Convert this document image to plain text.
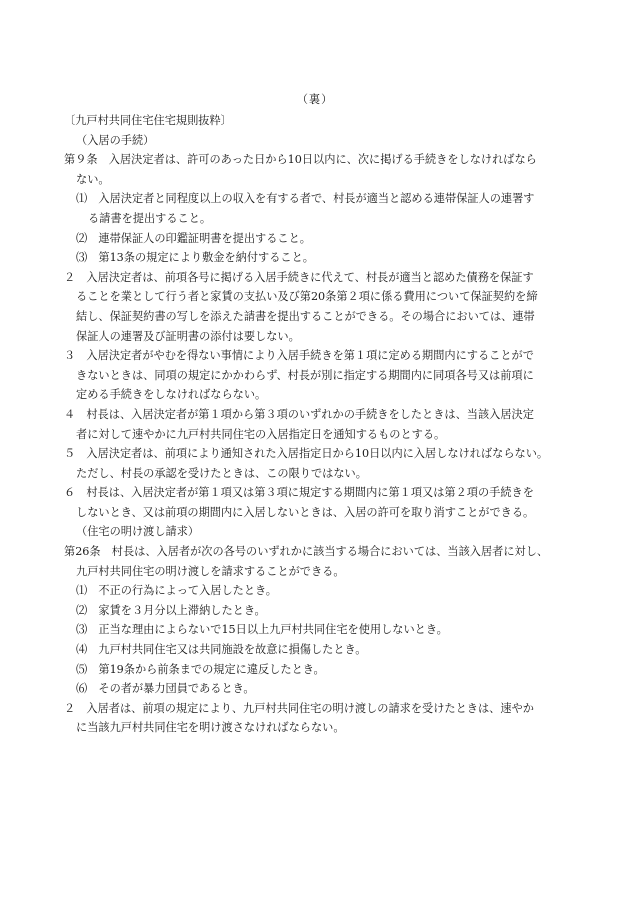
（裏）
〔九戸村共同住宅住宅規則抜粋〕
（入居の手続）
第９条　入居決定者は、許可のあった日から10日以内に、次に掲げる手続きをしなければなら
ない。
⑴　入居決定者と同程度以上の収入を有する者で、村長が適当と認める連帯保証人の連署す
る請書を提出すること。
⑵　連帯保証人の印鑑証明書を提出すること。
⑶　第13条の規定により敷金を納付すること。
２　入居決定者は、前項各号に掲げる入居手続きに代えて、村長が適当と認めた債務を保証す
ることを業として行う者と家賃の支払い及び第20条第２項に係る費用について保証契約を締
結し、保証契約書の写しを添えた請書を提出することができる。その場合においては、連帯
保証人の連署及び証明書の添付は要しない。
３　入居決定者がやむを得ない事情により入居手続きを第１項に定める期間内にすることがで
きないときは、同項の規定にかかわらず、村長が別に指定する期間内に同項各号又は前項に
定める手続きをしなければならない。
４　村長は、入居決定者が第１項から第３項のいずれかの手続きをしたときは、当該入居決定
者に対して速やかに九戸村共同住宅の入居指定日を通知するものとする。
５　入居決定者は、前項により通知された入居指定日から10日以内に入居しなければならない。
ただし、村長の承認を受けたときは、この限りではない。
６　村長は、入居決定者が第１項又は第３項に規定する期間内に第１項又は第２項の手続きを
しないとき、又は前項の期間内に入居しないときは、入居の許可を取り消すことができる。
（住宅の明け渡し請求）
第26条　村長は、入居者が次の各号のいずれかに該当する場合においては、当該入居者に対し、
九戸村共同住宅の明け渡しを請求することができる。
⑴　不正の行為によって入居したとき。
⑵　家賃を３月分以上滞納したとき。
⑶　正当な理由によらないで15日以上九戸村共同住宅を使用しないとき。
⑷　九戸村共同住宅又は共同施設を故意に損傷したとき。
⑸　第19条から前条までの規定に違反したとき。
⑹　その者が暴力団員であるとき。
２　入居者は、前項の規定により、九戸村共同住宅の明け渡しの請求を受けたときは、速やか
に当該九戸村共同住宅を明け渡さなければならない。
